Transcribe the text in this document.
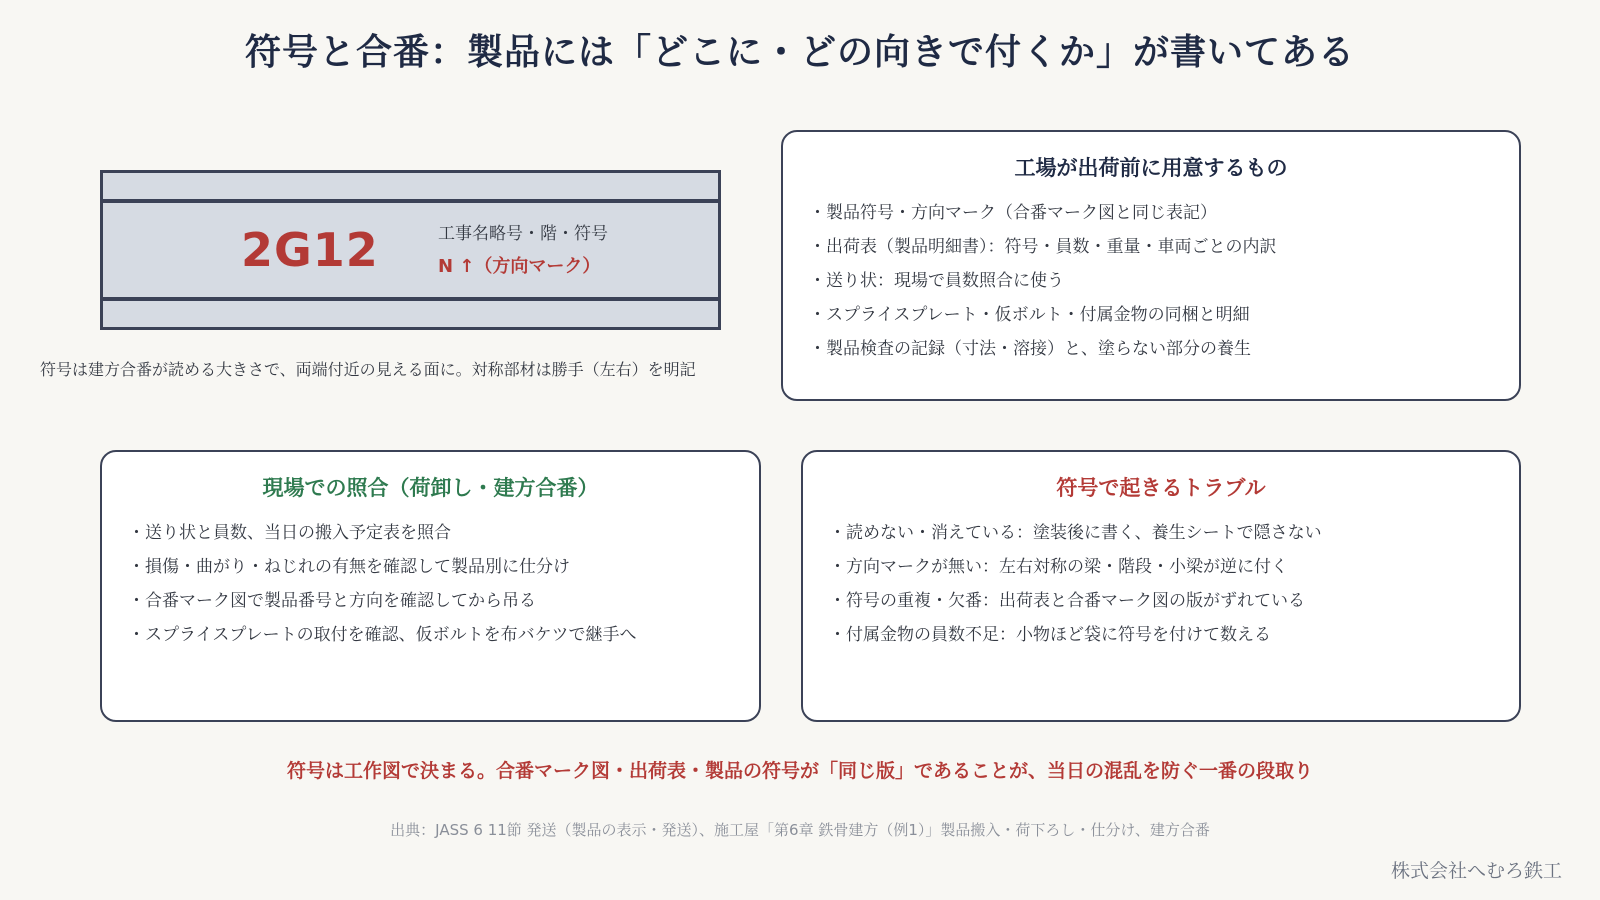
符号と合番：製品には「どこに・どの向きで付くか」が書いてある
2G12	工事名略号・階・符号
N ↑（方向マーク）
符号は建方合番が読める大きさで、両端付近の見える面に。対称部材は勝手（左右）を明記
工場が出荷前に用意するもの
・製品符号・方向マーク（合番マーク図と同じ表記）
・出荷表（製品明細書）：符号・員数・重量・車両ごとの内訳
・送り状：現場で員数照合に使う
・スプライスプレート・仮ボルト・付属金物の同梱と明細
・製品検査の記録（寸法・溶接）と、塗らない部分の養生
現場での照合（荷卸し・建方合番）
・送り状と員数、当日の搬入予定表を照合
・損傷・曲がり・ねじれの有無を確認して製品別に仕分け
・合番マーク図で製品番号と方向を確認してから吊る
・スプライスプレートの取付を確認、仮ボルトを布バケツで継手へ
符号で起きるトラブル
・読めない・消えている：塗装後に書く、養生シートで隠さない
・方向マークが無い：左右対称の梁・階段・小梁が逆に付く
・符号の重複・欠番：出荷表と合番マーク図の版がずれている
・付属金物の員数不足：小物ほど袋に符号を付けて数える
符号は工作図で決まる。合番マーク図・出荷表・製品の符号が「同じ版」であることが、当日の混乱を防ぐ一番の段取り
出典：JASS 6 11節 発送（製品の表示・発送）、施工屋「第6章 鉄骨建方（例1）」製品搬入・荷下ろし・仕分け、建方合番
株式会社へむろ鉄工
